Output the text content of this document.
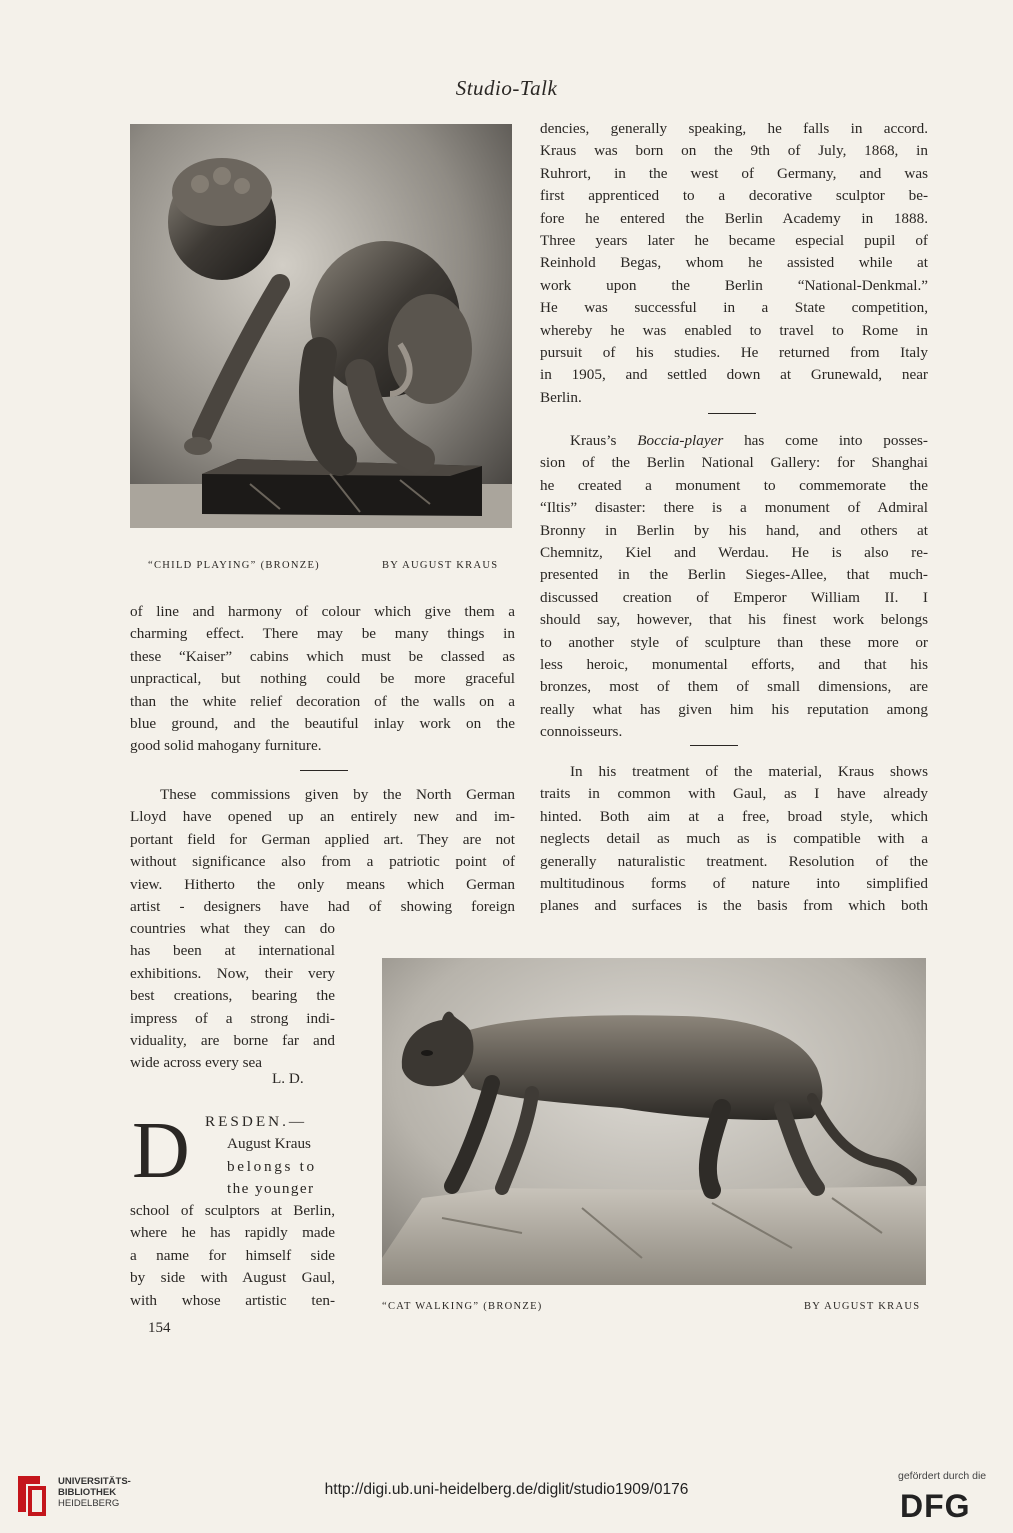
Studio-Talk
“CHILD PLAYING” (BRONZE)	BY AUGUST KRAUS
dencies, generally speaking, he falls in accord.
Kraus was born on the 9th of July, 1868, in
Ruhrort, in the west of Germany, and was
first apprenticed to a decorative sculptor be-
fore he entered the Berlin Academy in 1888.
Three years later he became especial pupil of
Reinhold Begas, whom he assisted while at
work upon the Berlin “National-Denkmal.”
He was successful in a State competition,
whereby he was enabled to travel to Rome in
pursuit of his studies. He returned from Italy
in 1905, and settled down at Grunewald, near
Berlin.
Kraus’s Boccia-player has come into posses-
sion of the Berlin National Gallery: for Shanghai
he created a monument to commemorate the
“Iltis” disaster: there is a monument of Admiral
Bronny in Berlin by his hand, and others at
Chemnitz, Kiel and Werdau. He is also re-
presented in the Berlin Sieges-Allee, that much-
discussed creation of Emperor William II. I
should say, however, that his finest work belongs
to another style of sculpture than these more or
less heroic, monumental efforts, and that his
bronzes, most of them of small dimensions, are
really what has given him his reputation among
connoisseurs.
In his treatment of the material, Kraus shows
traits in common with Gaul, as I have already
hinted. Both aim at a free, broad style, which
neglects detail as much as is compatible with a
generally naturalistic treatment. Resolution of the
multitudinous forms of nature into simplified
planes and surfaces is the basis from which both
of line and harmony of colour which give them a
charming effect. There may be many things in
these “Kaiser” cabins which must be classed as
unpractical, but nothing could be more graceful
than the white relief decoration of the walls on a
blue ground, and the beautiful inlay work on the
good solid mahogany furniture.
These commissions given by the North German
Lloyd have opened up an entirely new and im-
portant field for German applied art. They are not
without significance also from a patriotic point of
view. Hitherto the only means which German
artist - designers have had of showing foreign
countries what they can do
has been at international
exhibitions. Now, their very
best creations, bearing the
impress of a strong indi-
viduality, are borne far and
wide across every sea
L. D.
D RESDEN.—
August Kraus
belongs to
the younger
school of sculptors at Berlin,
where he has rapidly made
a name for himself side
by side with August Gaul,
with whose artistic ten-	“CAT WALKING” (BRONZE)	BY AUGUST KRAUS
154
UNIVERSITÄTS-
BIBLIOTHEK
HEIDELBERG
gefördert durch die
DFG
http://digi.ub.uni-heidelberg.de/diglit/studio1909/0176
